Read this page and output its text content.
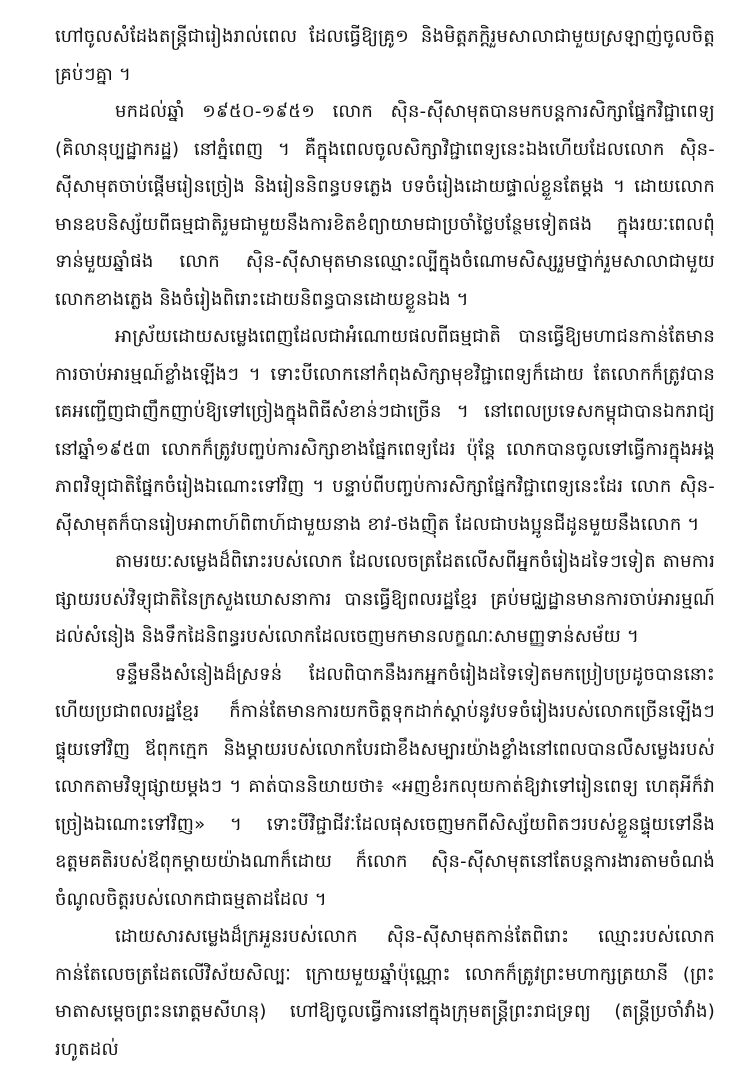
ហៅចូលសំដែងតន្ត្រីជារៀងរាល់ពេល ដែលធ្វើឱ្យគ្រូ១ និងមិត្តភក្តិរួមសាលាជាមួយស្រឡាញ់ចូលចិត្តគ្រប់ៗគ្នា ។

មកដល់ឆ្នាំ ១៩៥០-១៩៥១ លោក ស៊ិន-ស៊ីសាមុតបានមកបន្តការសិក្សាផ្នែកវិជ្ជាពេទ្យ (គិលានុប្បដ្ឋាករដ្ឋ) នៅភ្នំពេញ ។ គឺក្នុងពេលចូលសិក្សាវិជ្ជាពេទ្យនេះឯងហើយដែលលោក ស៊ិន-ស៊ីសាមុតចាប់ផ្តើមរៀនច្រៀង និងរៀននិពន្ធបទភ្លេង បទចំរៀងដោយផ្ទាល់ខ្លួនតែម្តង ។ ដោយលោកមានឧបនិស្ស័យពីធម្មជាតិរួមជាមួយនឹងការខិតខំព្យាយាមជាប្រចាំថ្លៃបន្ថែមទៀតផង ក្នុងរយៈពេលពុំទាន់មួយឆ្នាំផង លោក ស៊ិន-ស៊ីសាមុតមានឈ្មោះល្បីក្នុងចំណោមសិស្សរួមថ្នាក់រួមសាលាជាមួយលោកខាងភ្លេង និងចំរៀងពិរោះដោយនិពន្ធបានដោយខ្លួនឯង ។

អាស្រ័យដោយសម្លេងពេញដែលជាអំណោយផលពីធម្មជាតិ បានធ្វើឱ្យមហាជនកាន់តែមានការចាប់អារម្មណ៍ខ្លាំងឡើងៗ ។ ទោះបីលោកនៅកំពុងសិក្សាមុខវិជ្ជាពេទ្យក៏ដោយ តែលោកក៏ត្រូវបានគេអញ្ជើញជាញឹកញាប់ឱ្យទៅច្រៀងក្នុងពិធីសំខាន់ៗជាច្រើន ។ នៅពេលប្រទេសកម្ពុជាបានឯករាជ្យនៅឆ្នាំ១៩៥៣ លោកក៏ត្រូវបញ្ចប់ការសិក្សាខាងផ្នែកពេទ្យដែរ ប៉ុន្តែ លោកបានចូលទៅធ្វើការក្នុងអង្គភាពវិទ្យុជាតិផ្នែកចំរៀងឯណោះទៅវិញ ។ បន្ទាប់ពីបញ្ចប់ការសិក្សាផ្នែកវិជ្ជាពេទ្យនេះដែរ លោក ស៊ិន-ស៊ីសាមុតក៏បានរៀបអាពាហ៍ពិពាហ៍ជាមួយនាង ខាវ-ថងញ៉ិត ដែលជាបងប្អូនជីដូនមួយនឹងលោក ។

តាមរយៈសម្លេងដ៏ពិរោះរបស់លោក ដែលលេចត្រដែតលើសពីអ្នកចំរៀងដទៃៗទៀត តាមការផ្សាយរបស់វិទ្យុជាតិនៃក្រសួងឃោសនាការ បានធ្វើឱ្យពលរដ្ឋខ្មែរ គ្រប់មជ្ឈដ្ឋានមានការចាប់អារម្មណ៍ដល់សំនៀង និងទឹកដៃនិពន្ធរបស់លោកដែលចេញមកមានលក្ខណៈសាមញ្ញទាន់សម័យ ។

ទន្ទឹមនឹងសំនៀងដ៏ស្រទន់ ដែលពិបាកនឹងរកអ្នកចំរៀងដទៃទៀតមកប្រៀបប្រដូចបាននោះហើយប្រជាពលរដ្ឋខ្មែរ ក៏កាន់តែមានការយកចិត្តទុកដាក់ស្តាប់នូវបទចំរៀងរបស់លោកច្រើនឡើងៗ ផ្ទុយទៅវិញ ឪពុកក្មេក និងម្តាយរបស់លោកបែរជាខឹងសម្បារយ៉ាងខ្លាំងនៅពេលបានលឺសម្លេងរបស់លោកតាមវិទ្យុផ្សាយម្តងៗ ។ គាត់បាននិយាយថា៖ «អញខំរកលុយកាត់ឱ្យវាទៅរៀនពេទ្យ ហេតុអីក៏វាច្រៀងឯណោះទៅវិញ» ។ ទោះបីវិជ្ជាជីវៈដែលផុសចេញមកពីសិស្ស័យពិតៗរបស់ខ្លួនផ្ទុយទៅនឹងឧត្តមគតិរបស់ឪពុកម្តាយយ៉ាងណាក៏ដោយ ក៏លោក ស៊ិន-ស៊ីសាមុតនៅតែបន្តការងារតាមចំណង់ចំណូលចិត្តរបស់លោកជាធម្មតាដដែល ។

ដោយសារសម្លេងដ៏ក្រអួនរបស់លោក ស៊ិន-ស៊ីសាមុតកាន់តែពិរោះ ឈ្មោះរបស់លោកកាន់តែលេចត្រដែតលើវិស័យសិល្បៈ ក្រោយមួយឆ្នាំប៉ុណ្ណោះ លោកក៏ត្រូវព្រះមហាក្សត្រយានី (ព្រះមាតាសម្តេចព្រះនរោត្តមសីហនុ) ហៅឱ្យចូលធ្វើការនៅក្នុងក្រុមតន្ត្រីព្រះរាជទ្រព្យ (តន្ត្រីប្រចាំវាំង) រហូតដល់
